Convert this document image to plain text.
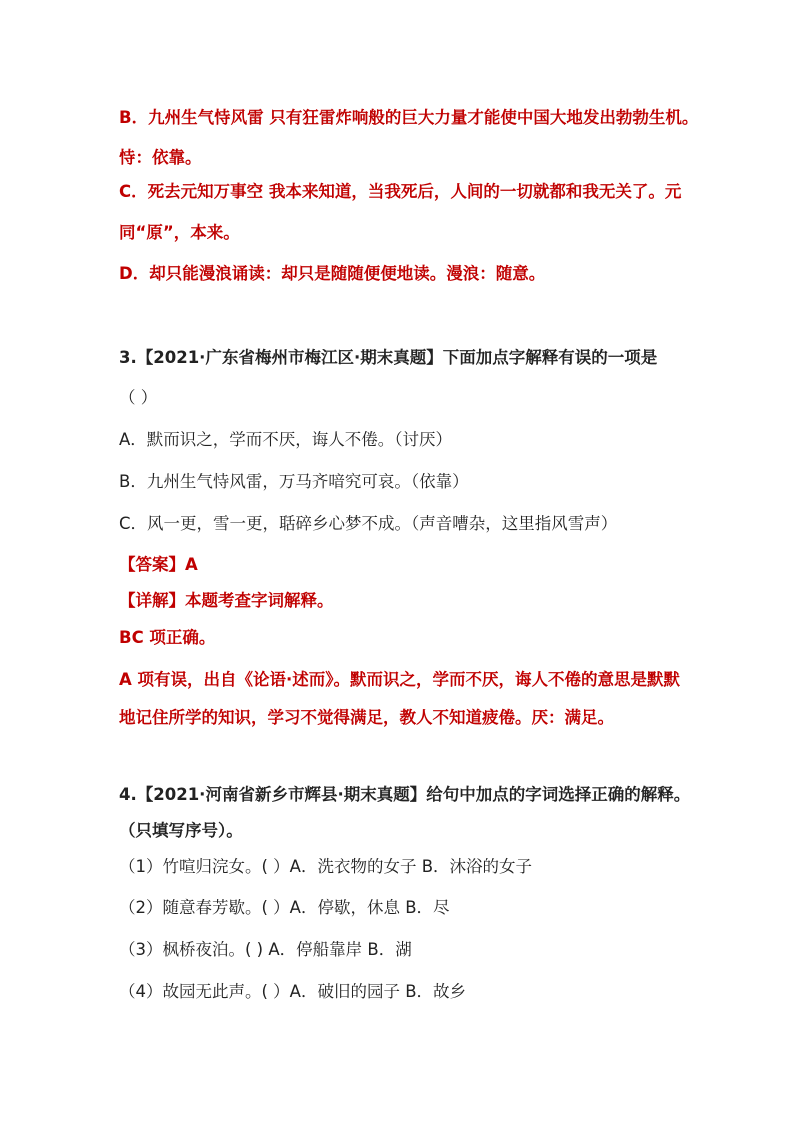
B．九州生气恃风雷 只有狂雷炸响般的巨大力量才能使中国大地发出勃勃生机。
恃：依靠。
C．死去元知万事空 我本来知道，当我死后，人间的一切就都和我无关了。元
同“原”，本来。
D．却只能漫浪诵读：却只是随随便便地读。漫浪：随意。
3.【2021·广东省梅州市梅江区·期末真题】下面加点字解释有误的一项是
（ ）
A．默而识之，学而不厌，诲人不倦。（讨厌）
B．九州生气恃风雷，万马齐喑究可哀。（依靠）
C．风一更，雪一更，聒碎乡心梦不成。（声音嘈杂，这里指风雪声）
【答案】A
【详解】本题考查字词解释。
BC 项正确。
A 项有误，出自《论语·述而》。默而识之，学而不厌，诲人不倦的意思是默默
地记住所学的知识，学习不觉得满足，教人不知道疲倦。厌：满足。
4.【2021·河南省新乡市辉县·期末真题】给句中加点的字词选择正确的解释。
（只填写序号）。
（1）竹喧归浣女。( ）A．洗衣物的女子 B．沐浴的女子
（2）随意春芳歇。( ）A．停歇，休息 B．尽
（3）枫桥夜泊。( ) A．停船靠岸 B．湖
（4）故园无此声。( ）A．破旧的园子 B．故乡
